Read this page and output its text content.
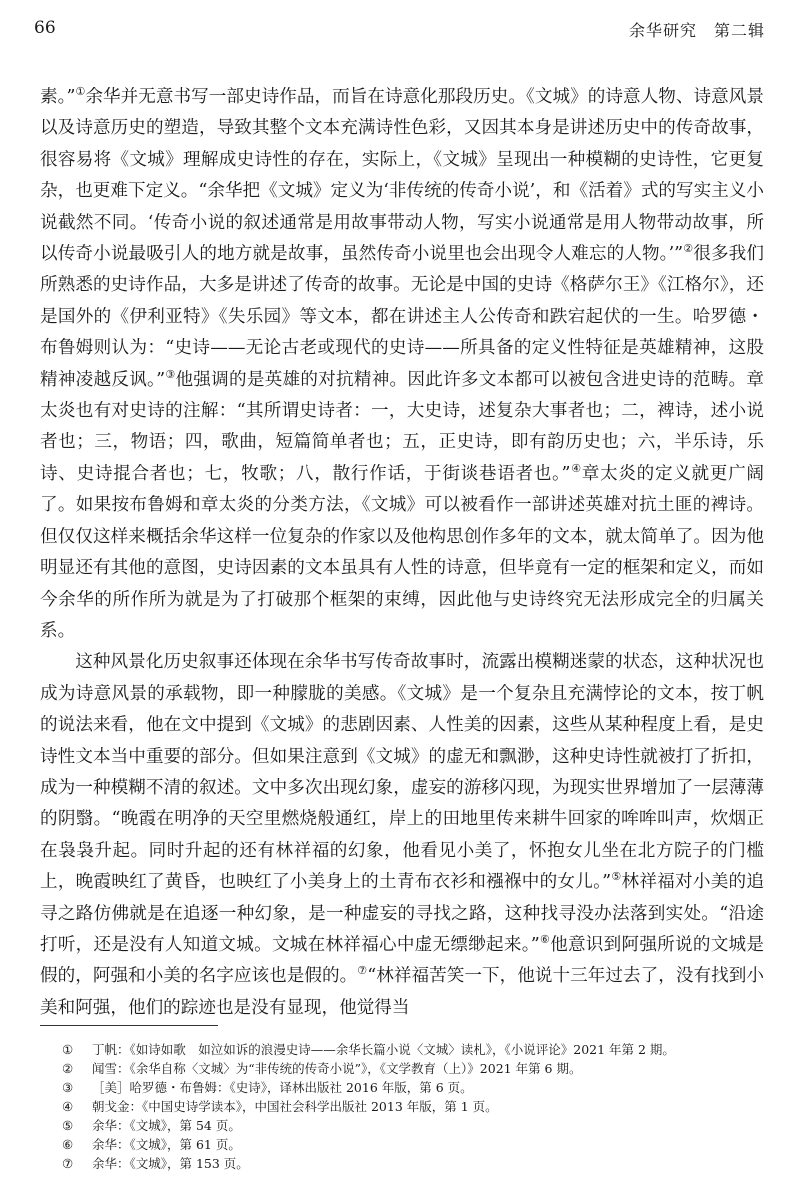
66	余华研究　第二辑

素。”①余华并无意书写一部史诗作品，而旨在诗意化那段历史。《文城》的诗意人物、诗意风景以及诗意历史的塑造，导致其整个文本充满诗性色彩，又因其本身是讲述历史中的传奇故事，很容易将《文城》理解成史诗性的存在，实际上，《文城》呈现出一种模糊的史诗性，它更复杂，也更难下定义。“余华把《文城》定义为‘非传统的传奇小说’，和《活着》式的写实主义小说截然不同。‘传奇小说的叙述通常是用故事带动人物，写实小说通常是用人物带动故事，所以传奇小说最吸引人的地方就是故事，虽然传奇小说里也会出现令人难忘的人物。’”②很多我们所熟悉的史诗作品，大多是讲述了传奇的故事。无论是中国的史诗《格萨尔王》《江格尔》，还是国外的《伊利亚特》《失乐园》等文本，都在讲述主人公传奇和跌宕起伏的一生。哈罗德・布鲁姆则认为：“史诗——无论古老或现代的史诗——所具备的定义性特征是英雄精神，这股精神凌越反讽。”③他强调的是英雄的对抗精神。因此许多文本都可以被包含进史诗的范畴。章太炎也有对史诗的注解：“其所谓史诗者：一，大史诗，述复杂大事者也；二，裨诗，述小说者也；三，物语；四，歌曲，短篇简单者也；五，正史诗，即有韵历史也；六，半乐诗，乐诗、史诗掍合者也；七，牧歌；八，散行作话，于街谈巷语者也。”④章太炎的定义就更广阔了。如果按布鲁姆和章太炎的分类方法，《文城》可以被看作一部讲述英雄对抗土匪的裨诗。但仅仅这样来概括余华这样一位复杂的作家以及他构思创作多年的文本，就太简单了。因为他明显还有其他的意图，史诗因素的文本虽具有人性的诗意，但毕竟有一定的框架和定义，而如今余华的所作所为就是为了打破那个框架的束缚，因此他与史诗终究无法形成完全的归属关系。

这种风景化历史叙事还体现在余华书写传奇故事时，流露出模糊迷蒙的状态，这种状况也成为诗意风景的承载物，即一种朦胧的美感。《文城》是一个复杂且充满悖论的文本，按丁帆的说法来看，他在文中提到《文城》的悲剧因素、人性美的因素，这些从某种程度上看，是史诗性文本当中重要的部分。但如果注意到《文城》的虚无和飘渺，这种史诗性就被打了折扣，成为一种模糊不清的叙述。文中多次出现幻象，虚妄的游移闪现，为现实世界增加了一层薄薄的阴翳。“晚霞在明净的天空里燃烧般通红，岸上的田地里传来耕牛回家的哞哞叫声，炊烟正在袅袅升起。同时升起的还有林祥福的幻象，他看见小美了，怀抱女儿坐在北方院子的门槛上，晚霞映红了黄昏，也映红了小美身上的土青布衣衫和襁褓中的女儿。”⑤林祥福对小美的追寻之路仿佛就是在追逐一种幻象，是一种虚妄的寻找之路，这种找寻没办法落到实处。“沿途打听，还是没有人知道文城。文城在林祥福心中虚无缥缈起来。”⑥他意识到阿强所说的文城是假的，阿强和小美的名字应该也是假的。⑦“林祥福苦笑一下，他说十三年过去了，没有找到小美和阿强，他们的踪迹也是没有显现，他觉得当

①	丁帆：《如诗如歌　如泣如诉的浪漫史诗——余华长篇小说〈文城〉读札》，《小说评论》2021 年第 2 期。
②	闻雪：《余华自称〈文城〉为“非传统的传奇小说”》，《文学教育（上）》2021 年第 6 期。
③	［美］哈罗德・布鲁姆：《史诗》，译林出版社 2016 年版，第 6 页。
④	朝戈金：《中国史诗学读本》，中国社会科学出版社 2013 年版，第 1 页。
⑤	余华：《文城》，第 54 页。
⑥	余华：《文城》，第 61 页。
⑦	余华：《文城》，第 153 页。
